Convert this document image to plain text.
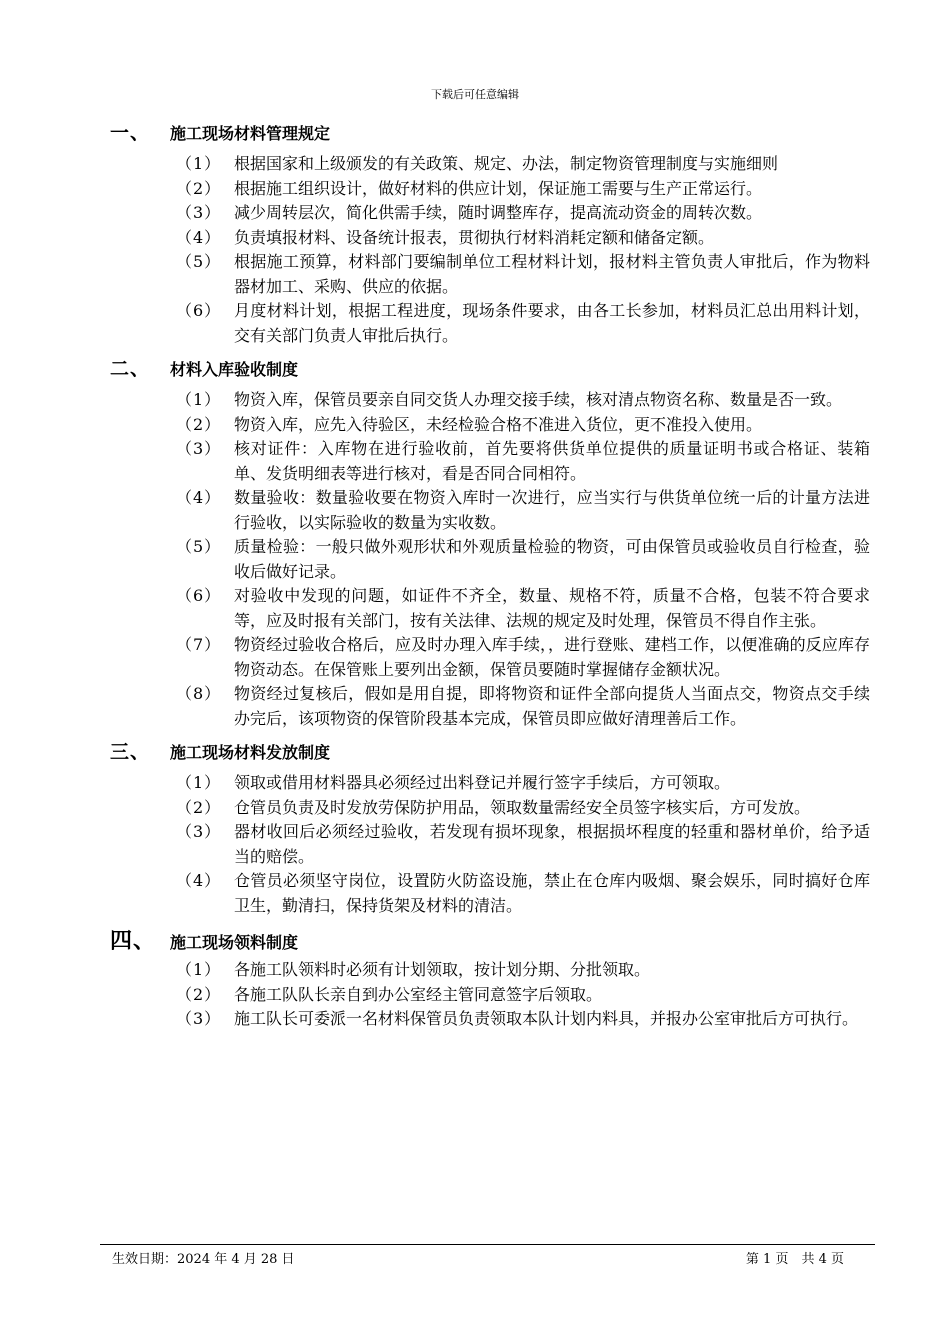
下载后可任意编辑
一、	施工现场材料管理规定
（1） 根据国家和上级颁发的有关政策、规定、办法，制定物资管理制度与实施细则
（2） 根据施工组织设计，做好材料的供应计划，保证施工需要与生产正常运行。
（3） 减少周转层次，简化供需手续，随时调整库存，提高流动资金的周转次数。
（4） 负责填报材料、设备统计报表，贯彻执行材料消耗定额和储备定额。
（5） 根据施工预算，材料部门要编制单位工程材料计划，报材料主管负责人审批后，作为物料器材加工、采购、供应的依据。
（6） 月度材料计划，根据工程进度，现场条件要求，由各工长参加，材料员汇总出用料计划，交有关部门负责人审批后执行。
二、	材料入库验收制度
（1） 物资入库，保管员要亲自同交货人办理交接手续，核对清点物资名称、数量是否一致。
（2） 物资入库，应先入待验区，未经检验合格不准进入货位，更不准投入使用。
（3） 核对证件：入库物在进行验收前，首先要将供货单位提供的质量证明书或合格证、装箱单、发货明细表等进行核对，看是否同合同相符。
（4） 数量验收：数量验收要在物资入库时一次进行，应当实行与供货单位统一后的计量方法进行验收，以实际验收的数量为实收数。
（5） 质量检验：一般只做外观形状和外观质量检验的物资，可由保管员或验收员自行检查，验收后做好记录。
（6） 对验收中发现的问题，如证件不齐全，数量、规格不符，质量不合格，包装不符合要求等，应及时报有关部门，按有关法律、法规的规定及时处理，保管员不得自作主张。
（7） 物资经过验收合格后，应及时办理入库手续，，进行登账、建档工作，以便准确的反应库存物资动态。在保管账上要列出金额，保管员要随时掌握储存金额状况。
（8） 物资经过复核后，假如是用自提，即将物资和证件全部向提货人当面点交，物资点交手续办完后，该项物资的保管阶段基本完成，保管员即应做好清理善后工作。
三、	施工现场材料发放制度
（1） 领取或借用材料器具必须经过出料登记并履行签字手续后，方可领取。
（2） 仓管员负责及时发放劳保防护用品，领取数量需经安全员签字核实后，方可发放。
（3） 器材收回后必须经过验收，若发现有损坏现象，根据损坏程度的轻重和器材单价，给予适当的赔偿。
（4） 仓管员必须坚守岗位，设置防火防盗设施，禁止在仓库内吸烟、聚会娱乐，同时搞好仓库卫生，勤清扫，保持货架及材料的清洁。
四、 施工现场领料制度
（1） 各施工队领料时必须有计划领取，按计划分期、分批领取。
（2） 各施工队队长亲自到办公室经主管同意签字后领取。
（3） 施工队长可委派一名材料保管员负责领取本队计划内料具，并报办公室审批后方可执行。
生效日期：2024 年 4 月 28 日	第 1 页　共 4 页
